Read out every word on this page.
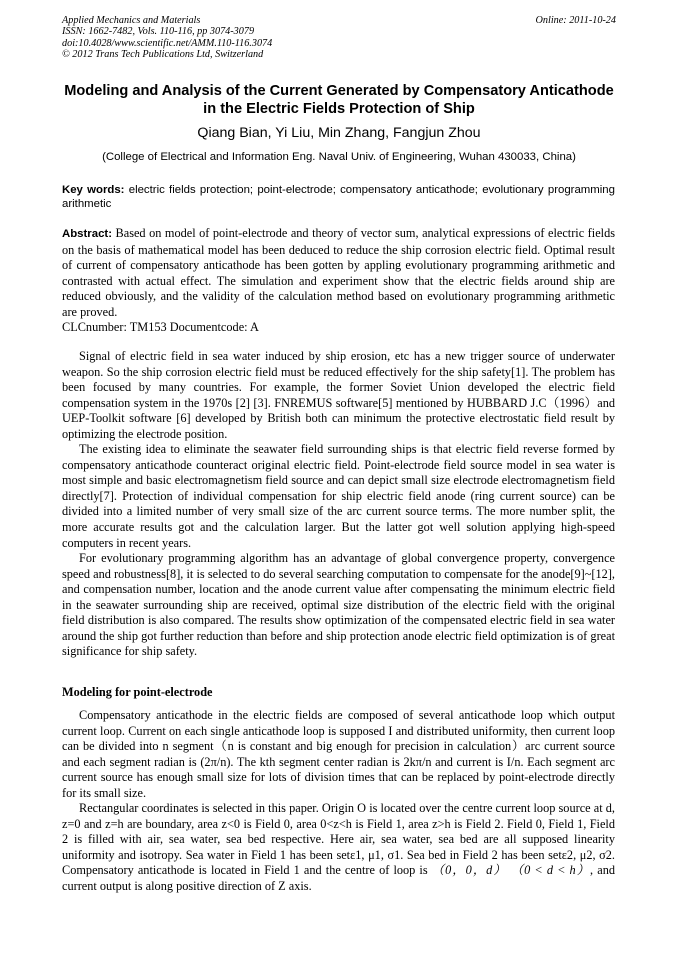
Applied Mechanics and Materials
ISSN: 1662-7482, Vols. 110-116, pp 3074-3079
doi:10.4028/www.scientific.net/AMM.110-116.3074
© 2012 Trans Tech Publications Ltd, Switzerland
Online: 2011-10-24
Modeling and Analysis of the Current Generated by Compensatory Anticathode in the Electric Fields Protection of Ship
Qiang Bian, Yi Liu, Min Zhang, Fangjun Zhou
(College of Electrical and Information Eng. Naval Univ. of Engineering, Wuhan 430033, China)
Key words: electric fields protection; point-electrode; compensatory anticathode; evolutionary programming arithmetic
Abstract: Based on model of point-electrode and theory of vector sum, analytical expressions of electric fields on the basis of mathematical model has been deduced to reduce the ship corrosion electric field. Optimal result of current of compensatory anticathode has been gotten by appling evolutionary programming arithmetic and contrasted with actual effect. The simulation and experiment show that the electric fields around ship are reduced obviously, and the validity of the calculation method based on evolutionary programming arithmetic are proved.
CLCnumber: TM153 Documentcode: A

Signal of electric field in sea water induced by ship erosion, etc has a new trigger source of underwater weapon. So the ship corrosion electric field must be reduced effectively for the ship safety[1]. The problem has been focused by many countries. For example, the former Soviet Union developed the electric field compensation system in the 1970s [2] [3]. FNREMUS software[5] mentioned by HUBBARD J.C（1996）and UEP-Toolkit software [6] developed by British both can minimum the protective electrostatic field result by optimizing the electrode position.

The existing idea to eliminate the seawater field surrounding ships is that electric field reverse formed by compensatory anticathode counteract original electric field. Point-electrode field source model in sea water is most simple and basic electromagnetism field source and can depict small size electrode electromagnetism field directly[7]. Protection of individual compensation for ship electric field anode (ring current source) can be divided into a limited number of very small size of the arc current source terms. The more number split, the more accurate results got and the calculation larger. But the latter got well solution applying high-speed computers in recent years.

For evolutionary programming algorithm has an advantage of global convergence property, convergence speed and robustness[8], it is selected to do several searching computation to compensate for the anode[9]~[12], and compensation number, location and the anode current value after compensating the minimum electric field in the seawater surrounding ship are received, optimal size distribution of the electric field with the original field distribution is also compared. The results show optimization of the compensated electric field in sea water around the ship got further reduction than before and ship protection anode electric field optimization is of great significance for ship safety.

Modeling for point-electrode

Compensatory anticathode in the electric fields are composed of several anticathode loop which output current loop. Current on each single anticathode loop is supposed I and distributed uniformity, then current loop can be divided into n segment（n is constant and big enough for precision in calculation）arc current source and each segment radian is (2π/n). The kth segment center radian is 2kπ/n and current is I/n. Each segment arc current source has enough small size for lots of division times that can be replaced by point-electrode directly for its small size.

Rectangular coordinates is selected in this paper. Origin O is located over the centre current loop source at d, z=0 and z=h are boundary, area z<0 is Field 0, area 0<z<h is Field 1, area z>h is Field 2. Field 0, Field 1, Field 2 is filled with air, sea water, sea bed respective. Here air, sea water, sea bed are all supposed linearity uniformity and isotropy. Sea water in Field 1 has been setε1, μ1, σ1. Sea bed in Field 2 has been setε2, μ2, σ2. Compensatory anticathode is located in Field 1 and the centre of loop is （0，0，d） （0 < d < h）, and current output is along positive direction of Z axis.
